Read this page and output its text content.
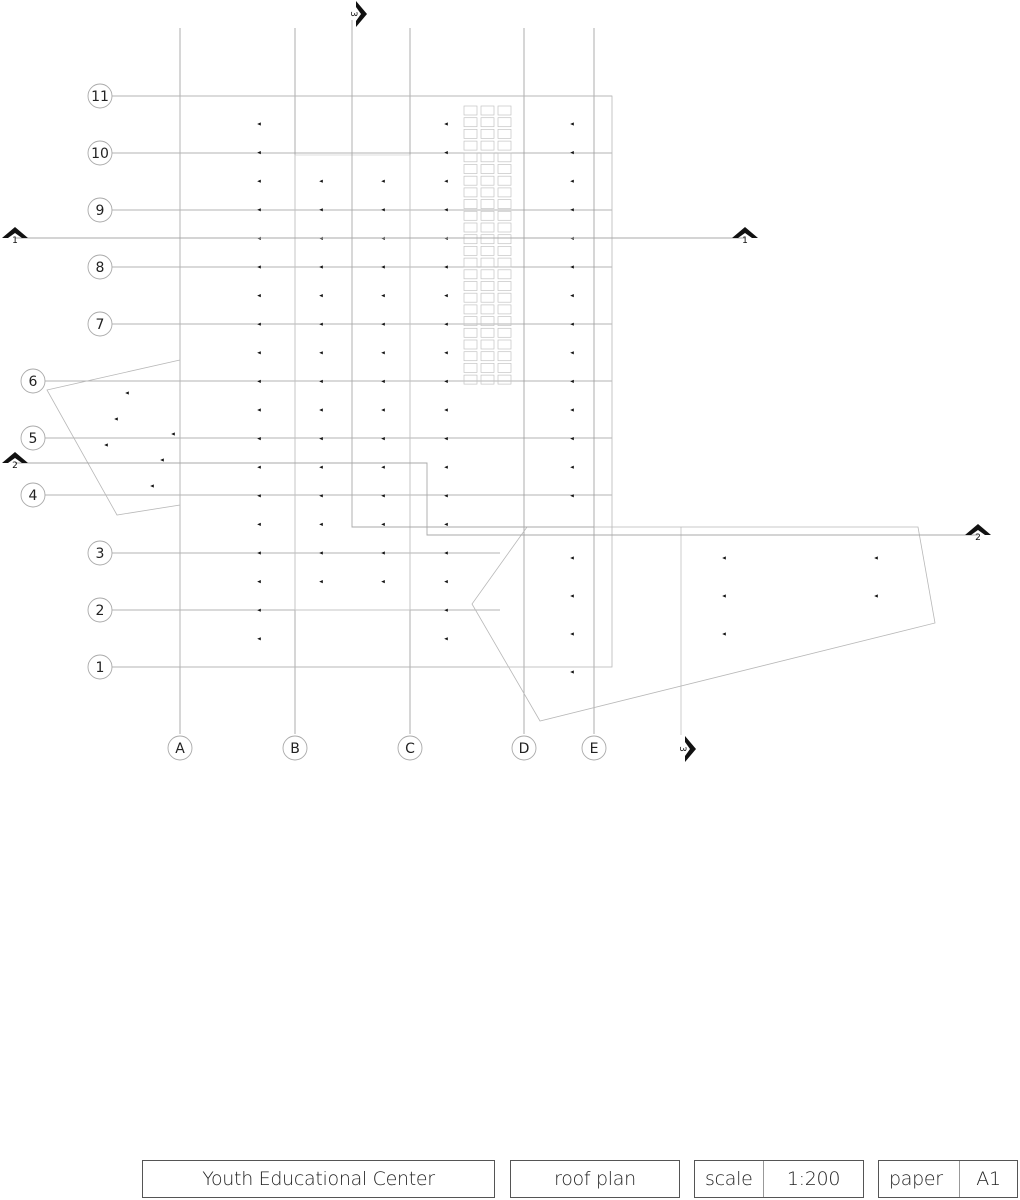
A	B	C	D	E
1
2
3
4
5
6
7
8
9
10
11
1	1
2
2
3
3
Youth Educational Center	roof plan	scale	1:200	paper	A1
